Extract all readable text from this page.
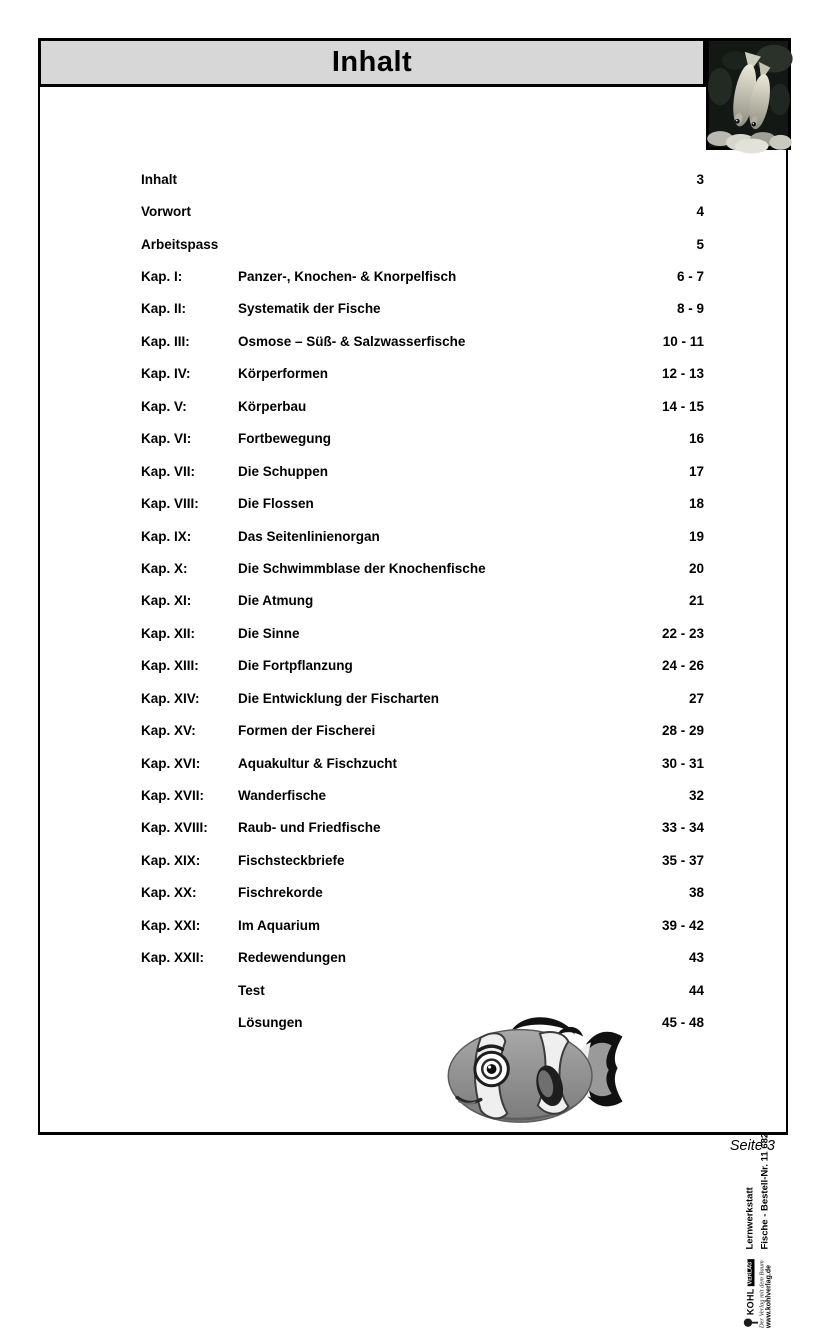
Inhalt
Inhalt	3
Vorwort	4
Arbeitspass	5
Kap. I:	Panzer-, Knochen- & Knorpelfisch	6 - 7
Kap. II:	Systematik der Fische	8 - 9
Kap. III:	Osmose – Süß- & Salzwasserfische	10 - 11
Kap. IV:	Körperformen	12 - 13
Kap. V:	Körperbau	14 - 15
Kap. VI:	Fortbewegung	16
Kap. VII:	Die Schuppen	17
Kap. VIII:	Die Flossen	18
Kap. IX:	Das Seitenlinienorgan	19
Kap. X:	Die Schwimmblase der Knochenfische	20
Kap. XI:	Die Atmung	21
Kap. XII:	Die Sinne	22 - 23
Kap. XIII:	Die Fortpflanzung	24 - 26
Kap. XIV:	Die Entwicklung der Fischarten	27
Kap. XV:	Formen der Fischerei	28 - 29
Kap. XVI:	Aquakultur & Fischzucht	30 - 31
Kap. XVII:	Wanderfische	32
Kap. XVIII:	Raub- und Friedfische	33 - 34
Kap. XIX:	Fischsteckbriefe	35 - 37
Kap. XX:	Fischrekorde	38
Kap. XXI:	Im Aquarium	39 - 42
Kap. XXII:	Redewendungen	43
Test	44
Lösungen	45 - 48
KOHL
VERLAG Der Verlag mit dem Baum www.kohlverlag.de
Lernwerkstatt Fische - Bestell-Nr. 11 682
Seite 3
